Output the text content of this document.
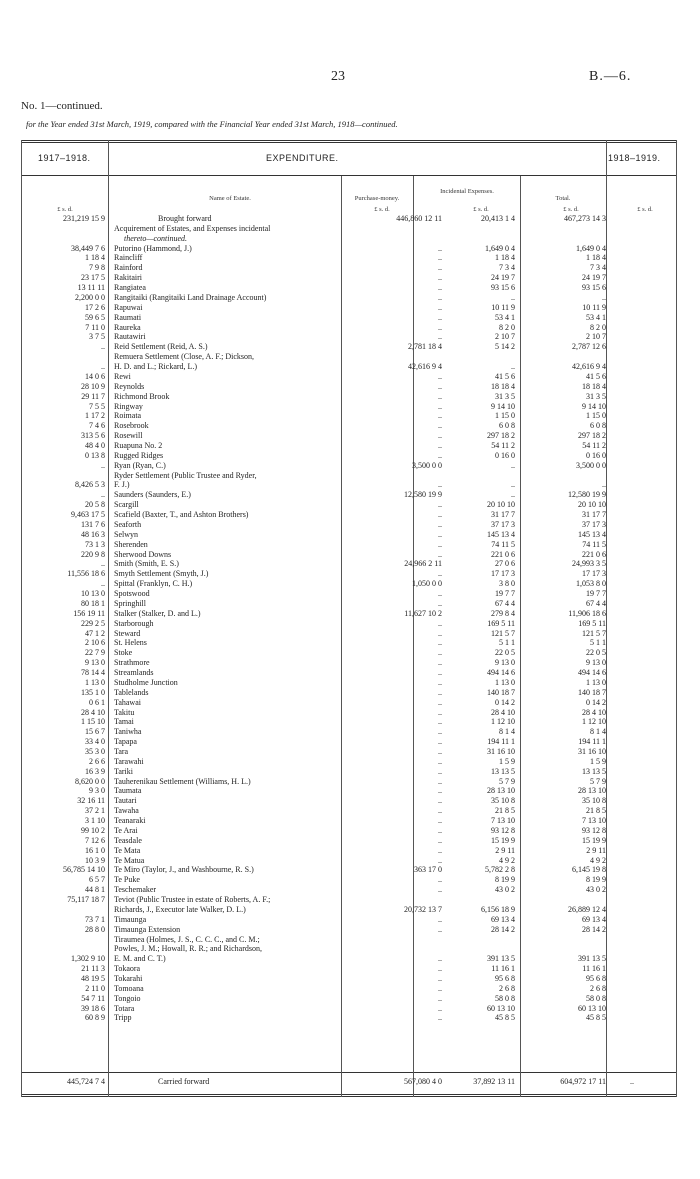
23	B.—6.
No. 1—continued.
for the Year ended 31st March, 1919, compared with the Financial Year ended 31st March, 1918—continued.
1917–1918.	EXPENDITURE.	1918–1919.
Name of Estate.	Purchase-money.
Incidental Expenses.
Total.
£ s. d.	£ s. d.	£ s. d.	£ s. d.	£ s. d.
231,219 15 9	Brought forward	446,860 12 11	20,413 1 4	467,273 14 3
Acquirement of Estates, and Expenses incidental
thereto—continued.
38,449 7 6 Putorino (Hammond, J.)	..	1,649 0 4	1,649 0 4
1 18 4 Raincliff	..	1 18 4	1 18 4
7 9 8 Rainford	..	7 3 4	7 3 4
23 17 5 Rakitairi	..	24 19 7	24 19 7
13 11 11 Rangiatea	..	93 15 6	93 15 6
2,200 0 0 Rangitaiki (Rangitaiki Land Drainage Account)	..	..	..
17 2 6 Rapuwai	..	10 11 9	10 11 9
59 6 5 Raumati	..	53 4 1	53 4 1
7 11 0 Raureka	..	8 2 0	8 2 0
3 7 5 Rautawiri	..	2 10 7	2 10 7
.. Reid Settlement (Reid, A. S.)	2,781 18 4	5 14 2	2,787 12 6
Remuera Settlement (Close, A. F.; Dickson,
.. H. D. and L.; Rickard, L.)	42,616 9 4	..	42,616 9 4
14 0 6 Rewi	..	41 5 6	41 5 6
28 10 9 Reynolds	..	18 18 4	18 18 4
29 11 7 Richmond Brook	..	31 3 5	31 3 5
7 5 5 Ringway	..	9 14 10	9 14 10
1 17 2 Roimata	..	1 15 0	1 15 0
7 4 6 Rosebrook	..	6 0 8	6 0 8
313 5 6 Rosewill	..	297 18 2	297 18 2
48 4 0 Ruapuna No. 2	..	54 11 2	54 11 2
0 13 8 Rugged Ridges	..	0 16 0	0 16 0
.. Ryan (Ryan, C.)	3,500 0 0	..	3,500 0 0
Ryder Settlement (Public Trustee and Ryder,
8,426 5 3 F. J.)	..	..	..
.. Saunders (Saunders, E.)	12,580 19 9	..	12,580 19 9
20 5 8 Scargill	..	20 10 10	20 10 10
9,463 17 5 Scafield (Baxter, T., and Ashton Brothers)	..	31 17 7	31 17 7
131 7 6 Seaforth	..	37 17 3	37 17 3
48 16 3 Selwyn	..	145 13 4	145 13 4
73 1 3 Sherenden	..	74 11 5	74 11 5
220 9 8 Sherwood Downs	..	221 0 6	221 0 6
.. Smith (Smith, E. S.)	24,966 2 11	27 0 6	24,993 3 5
11,556 18 6 Smyth Settlement (Smyth, J.)	..	17 17 3	17 17 3
.. Spittal (Franklyn, C. H.)	1,050 0 0	3 8 0	1,053 8 0
10 13 0 Spotswood	..	19 7 7	19 7 7
80 18 1 Springhill	..	67 4 4	67 4 4
156 19 11 Stalker (Stalker, D. and L.)	11,627 10 2	279 8 4	11,906 18 6
229 2 5 Starborough	..	169 5 11	169 5 11
47 1 2 Steward	..	121 5 7	121 5 7
2 10 6 St. Helens	..	5 1 1	5 1 1
22 7 9 Stoke	..	22 0 5	22 0 5
9 13 0 Strathmore	..	9 13 0	9 13 0
78 14 4 Streamlands	..	494 14 6	494 14 6
1 13 0 Studholme Junction	..	1 13 0	1 13 0
135 1 0 Tablelands	..	140 18 7	140 18 7
0 6 1 Tahawai	..	0 14 2	0 14 2
28 4 10 Takitu	..	28 4 10	28 4 10
1 15 10 Tamai	..	1 12 10	1 12 10
15 6 7 Taniwha	..	8 1 4	8 1 4
33 4 0 Tapapa	..	194 11 1	194 11 1
35 3 0 Tara	..	31 16 10	31 16 10
2 6 6 Tarawahi	..	1 5 9	1 5 9
16 3 9 Tariki	..	13 13 5	13 13 5
8,620 0 0 Tauherenikau Settlement (Williams, H. L.)	..	5 7 9	5 7 9
9 3 0 Taumata	..	28 13 10	28 13 10
32 16 11 Tautari	..	35 10 8	35 10 8
37 2 1 Tawaha	..	21 8 5	21 8 5
3 1 10 Teanaraki	..	7 13 10	7 13 10
99 10 2 Te Arai	..	93 12 8	93 12 8
7 12 6 Teasdale	..	15 19 9	15 19 9
16 1 0 Te Mata	..	2 9 11	2 9 11
10 3 9 Te Matua	..	4 9 2	4 9 2
56,785 14 10 Te Miro (Taylor, J., and Washbourne, R. S.)	363 17 0	5,782 2 8	6,145 19 8
6 5 7 Te Puke	..	8 19 9	8 19 9
44 8 1 Teschemaker	..	43 0 2	43 0 2
75,117 18 7 Teviot (Public Trustee in estate of Roberts, A. F.;
Richards, J., Executor late Walker, D. L.)	20,732 13 7	6,156 18 9	26,889 12 4
73 7 1 Timaunga	..	69 13 4	69 13 4
28 8 0 Timaunga Extension	..	28 14 2	28 14 2
Tiraumea (Holmes, J. S., C. C. C., and C. M.;
Powles, J. M.; Howall, R. R.; and Richardson,
1,302 9 10 E. M. and C. T.)	..	391 13 5	391 13 5
21 11 3 Tokaora	..	11 16 1	11 16 1
48 19 5 Tokarahi	..	95 6 8	95 6 8
2 11 0 Tomoana	..	2 6 8	2 6 8
54 7 11 Tongoio	..	58 0 8	58 0 8
39 18 6 Totara	..	60 13 10	60 13 10
60 8 9 Tripp	..	45 8 5	45 8 5
445,724 7 4	Carried forward	567,080 4 0	37,892 13 11	604,972 17 11	..
